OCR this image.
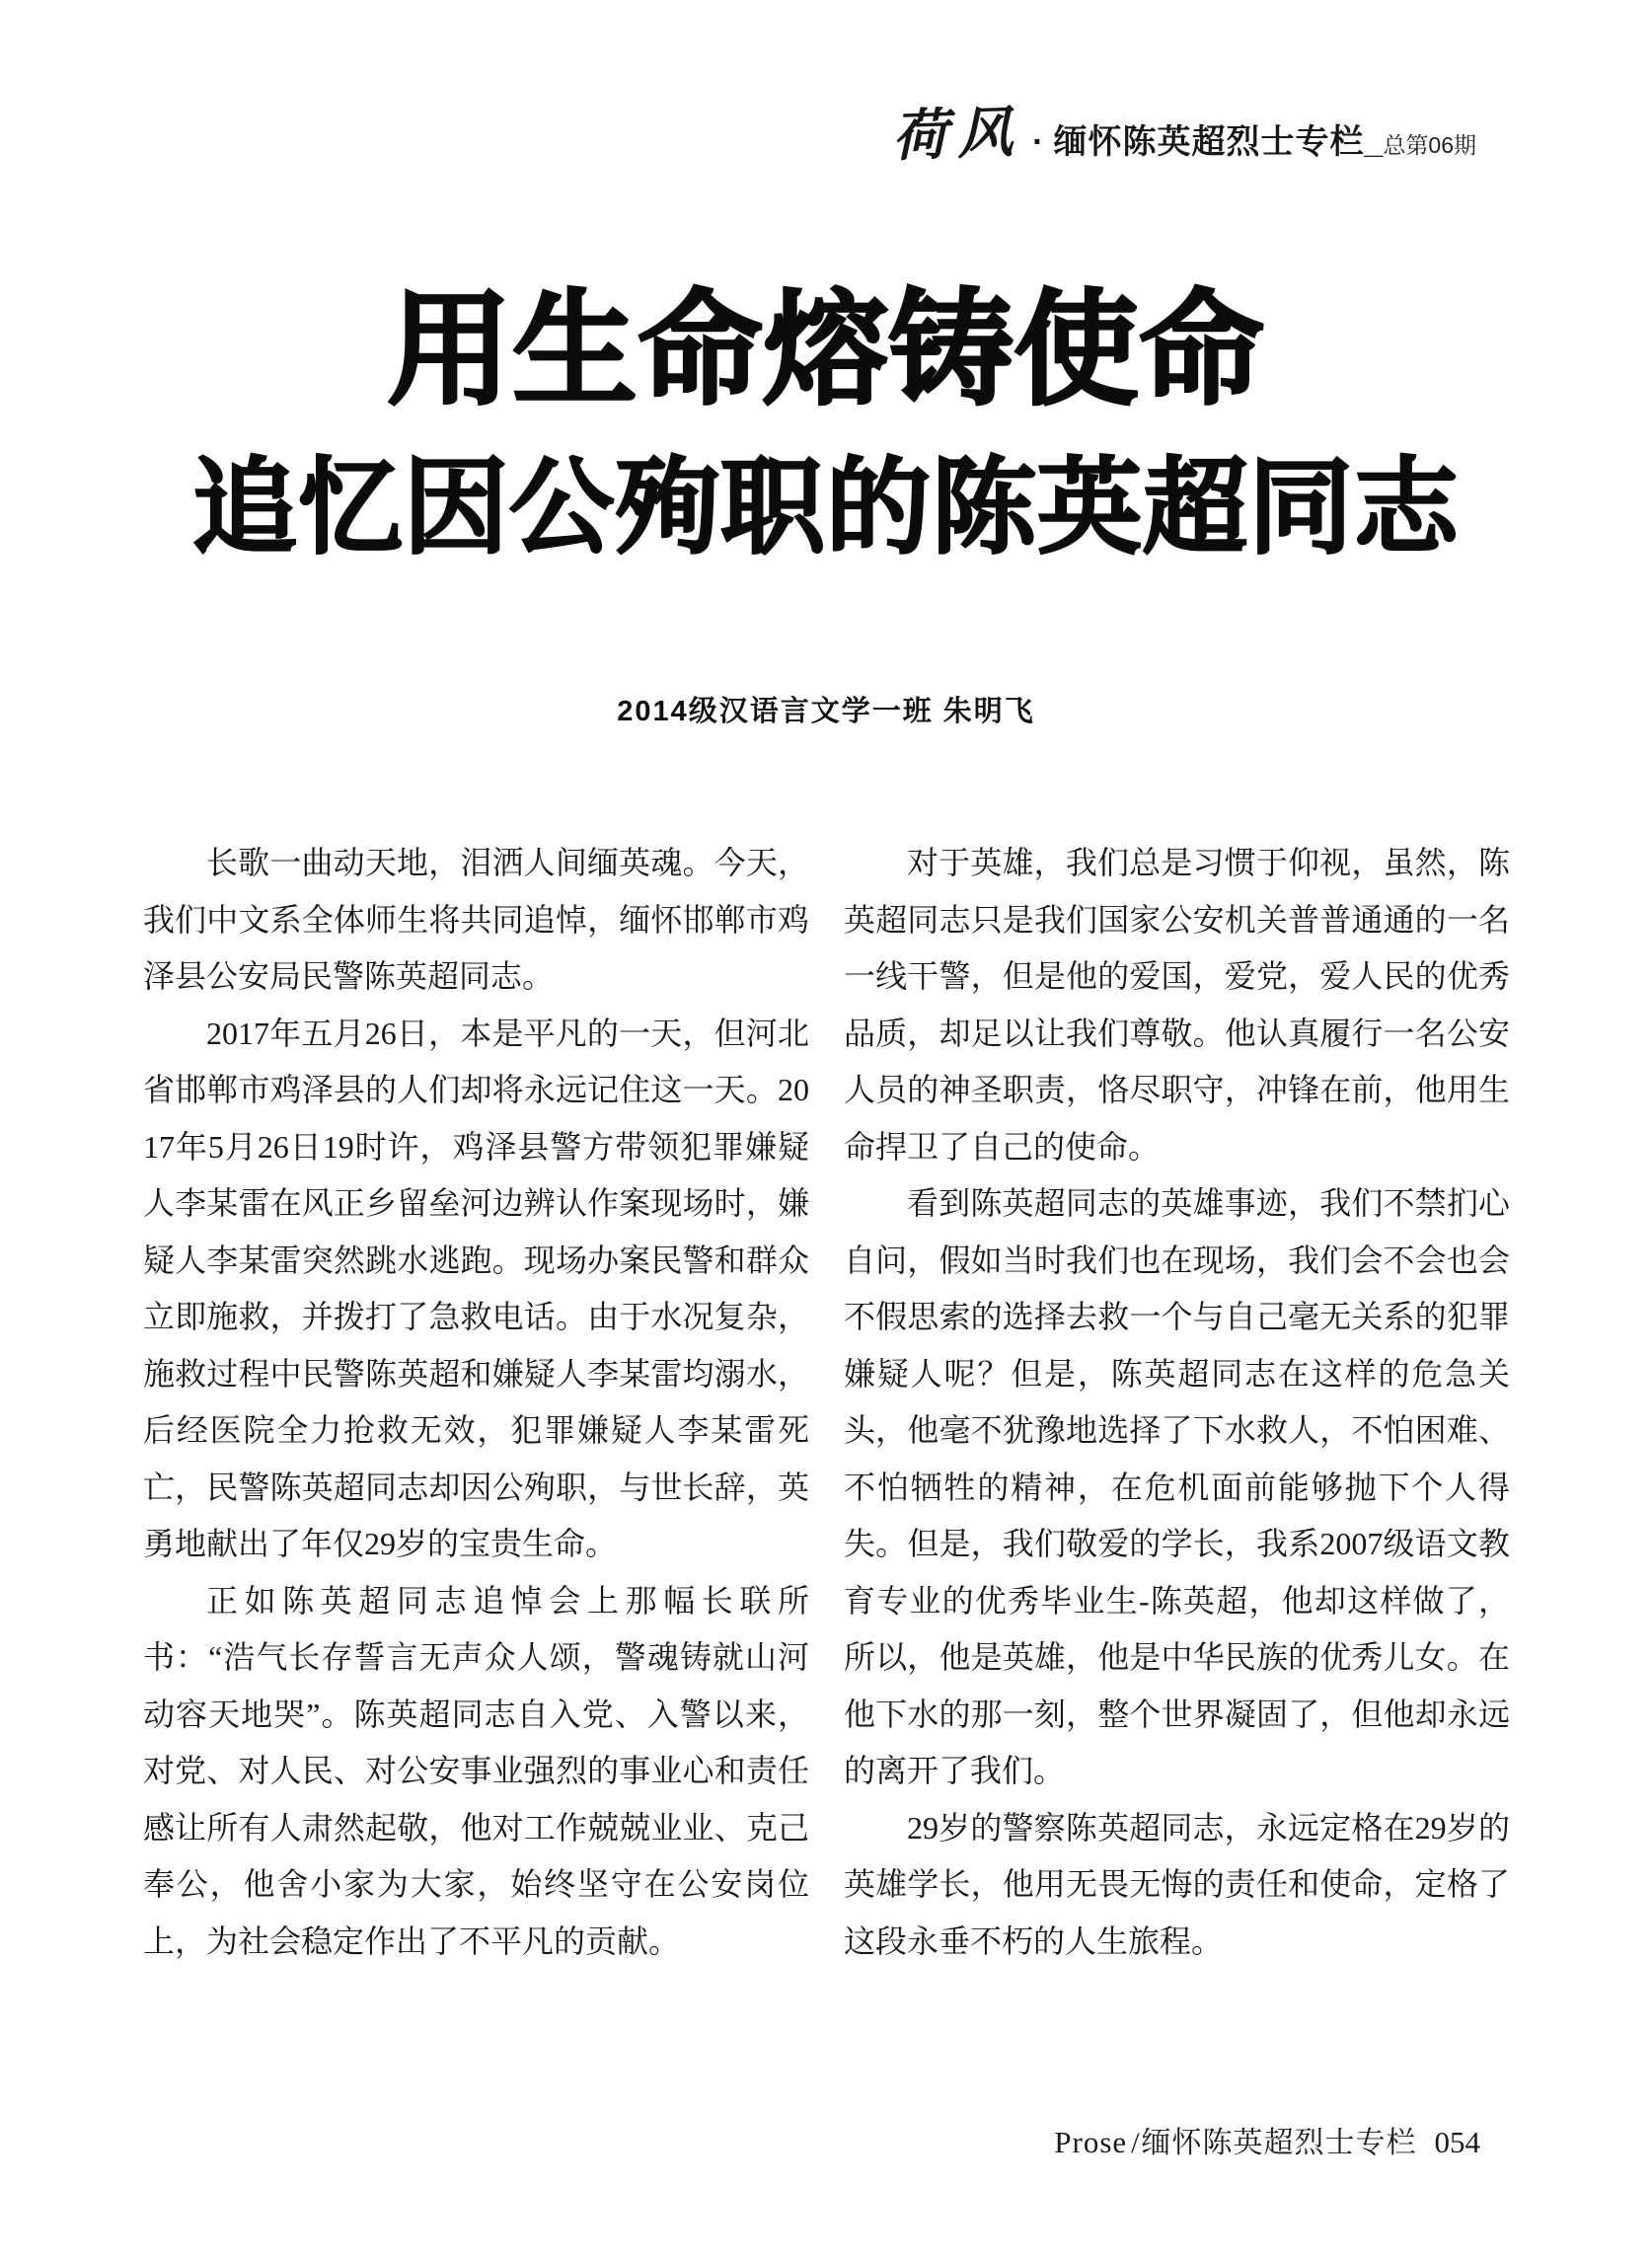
荷风 · 缅怀陈英超烈士专栏 _ 总第06期
用生命熔铸使命
追忆因公殉职的陈英超同志
2014级汉语言文学一班 朱明飞

长歌一曲动天地，泪洒人间缅英魂。今天，我们中文系全体师生将共同追悼，缅怀邯郸市鸡泽县公安局民警陈英超同志。

2017年五月26日，本是平凡的一天，但河北省邯郸市鸡泽县的人们却将永远记住这一天。2017年5月26日19时许，鸡泽县警方带领犯罪嫌疑人李某雷在风正乡留垒河边辨认作案现场时，嫌疑人李某雷突然跳水逃跑。现场办案民警和群众立即施救，并拨打了急救电话。由于水况复杂，施救过程中民警陈英超和嫌疑人李某雷均溺水，后经医院全力抢救无效，犯罪嫌疑人李某雷死亡，民警陈英超同志却因公殉职，与世长辞，英勇地献出了年仅29岁的宝贵生命。

正如陈英超同志追悼会上那幅长联所书：“浩气长存誓言无声众人颂，警魂铸就山河动容天地哭”。陈英超同志自入党、入警以来，对党、对人民、对公安事业强烈的事业心和责任感让所有人肃然起敬，他对工作兢兢业业、克己奉公，他舍小家为大家，始终坚守在公安岗位上，为社会稳定作出了不平凡的贡献。

对于英雄，我们总是习惯于仰视，虽然，陈英超同志只是我们国家公安机关普普通通的一名一线干警，但是他的爱国，爱党，爱人民的优秀品质，却足以让我们尊敬。他认真履行一名公安人员的神圣职责，恪尽职守，冲锋在前，他用生命捍卫了自己的使命。

看到陈英超同志的英雄事迹，我们不禁扪心自问，假如当时我们也在现场，我们会不会也会不假思索的选择去救一个与自己毫无关系的犯罪嫌疑人呢？但是，陈英超同志在这样的危急关头，他毫不犹豫地选择了下水救人，不怕困难、不怕牺牲的精神，在危机面前能够抛下个人得失。但是，我们敬爱的学长，我系2007级语文教育专业的优秀毕业生-陈英超，他却这样做了，所以，他是英雄，他是中华民族的优秀儿女。在他下水的那一刻，整个世界凝固了，但他却永远的离开了我们。

29岁的警察陈英超同志，永远定格在29岁的英雄学长，他用无畏无悔的责任和使命，定格了这段永垂不朽的人生旅程。

Prose / 缅怀陈英超烈士专栏 054
